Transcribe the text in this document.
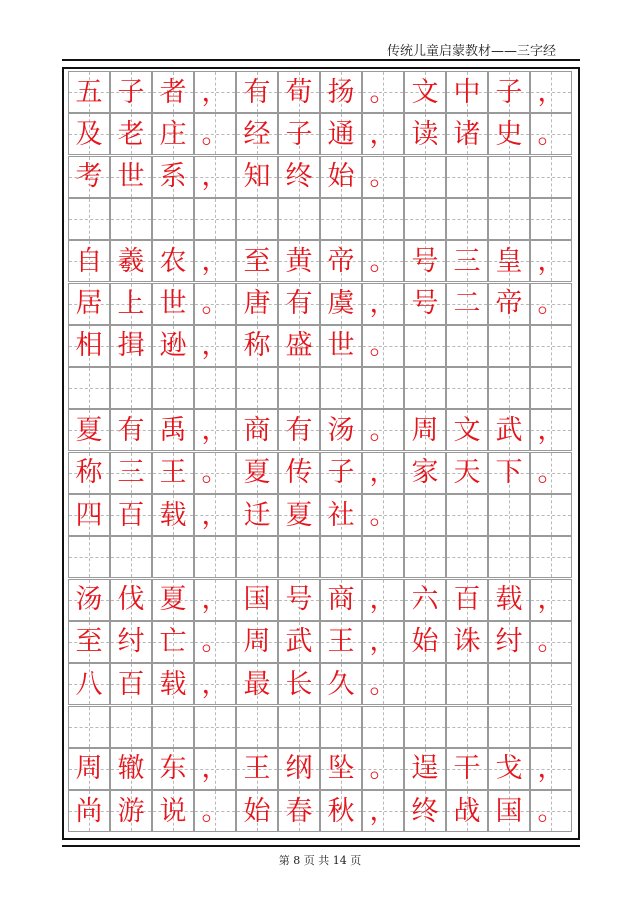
传统儿童启蒙教材——三字经
五 子 者 ， 有 荀 扬 。 文 中 子 ，
及 老 庄 。 经 子 通 ， 读 诸 史 。
考 世 系 ， 知 终 始 。
自 羲 农 ， 至 黄 帝 。 号 三 皇 ，
居 上 世 。 唐 有 虞 ， 号 二 帝 。
相 揖 逊 ， 称 盛 世 。
夏 有 禹 ， 商 有 汤 。 周 文 武 ，
称 三 王 。 夏 传 子 ， 家 天 下 。
四 百 载 ， 迁 夏 社 。
汤 伐 夏 ， 国 号 商 ， 六 百 载 ，
至 纣 亡 。 周 武 王 ， 始 诛 纣 。
八 百 载 ， 最 长 久 。
周 辙 东 ， 王 纲 坠 。 逞 干 戈 ，
尚 游 说 。 始 春 秋 ， 终 战 国 。
第 8 页 共 14 页
